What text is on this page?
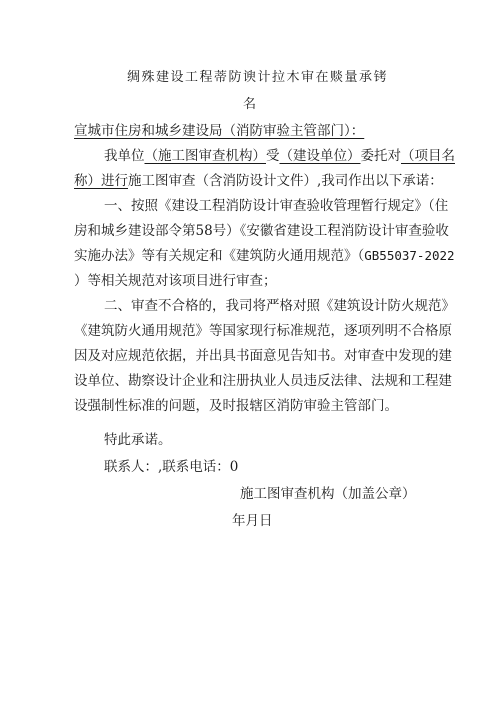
绸殊建设工程蒂防谀计拉木审在赕量承铐
名
宣城市住房和城乡建设局（消防审验主管部门）：
我单位（施工图审查机构）受（建设单位）委托对（项目名
称）进行施工图审查（含消防设计文件）,我司作出以下承诺：
一、按照《建设工程消防设计审查验收管理暂行规定》（住
房和城乡建设部令第58号）《安徽省建设工程消防设计审查验收
实施办法》等有关规定和《建筑防火通用规范》（GB55037-2022
）等相关规范对该项目进行审查；
二、审查不合格的，我司将严格对照《建筑设计防火规范》
《建筑防火通用规范》等国家现行标准规范，逐项列明不合格原
因及对应规范依据，并出具书面意见告知书。对审查中发现的建
设单位、勘察设计企业和注册执业人员违反法律、法规和工程建
设强制性标准的问题，及时报辖区消防审验主管部门。
特此承诺。
联系人：,联系电话：0
施工图审查机构（加盖公章）
年月日
